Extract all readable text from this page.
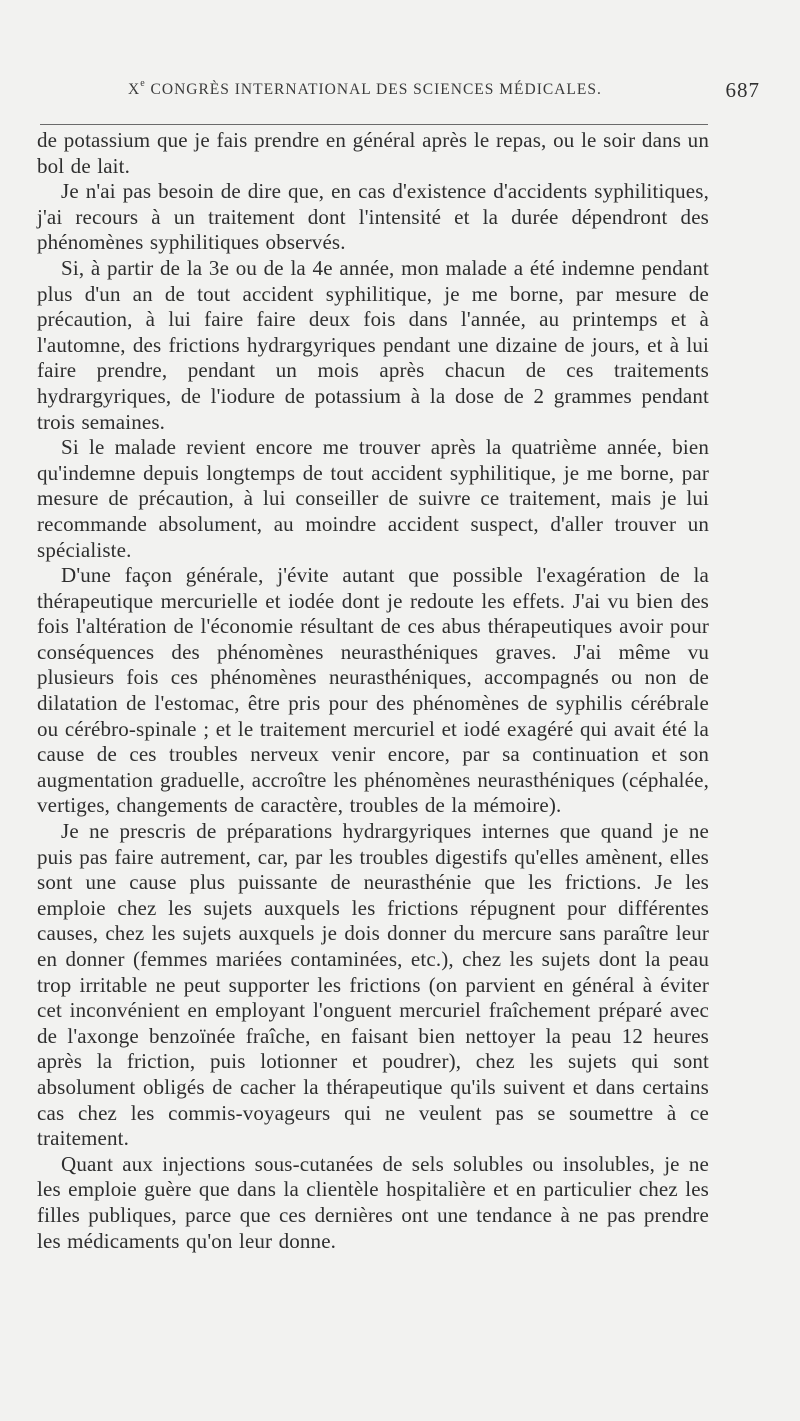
Xe CONGRÈS INTERNATIONAL DES SCIENCES MÉDICALES.	687

de potassium que je fais prendre en général après le repas, ou le soir dans un bol de lait.

Je n'ai pas besoin de dire que, en cas d'existence d'accidents syphilitiques, j'ai recours à un traitement dont l'intensité et la durée dépendront des phénomènes syphilitiques observés.

Si, à partir de la 3e ou de la 4e année, mon malade a été indemne pendant plus d'un an de tout accident syphilitique, je me borne, par mesure de précaution, à lui faire faire deux fois dans l'année, au printemps et à l'automne, des frictions hydrargyriques pendant une dizaine de jours, et à lui faire prendre, pendant un mois après chacun de ces traitements hydrargyriques, de l'iodure de potassium à la dose de 2 grammes pendant trois semaines.

Si le malade revient encore me trouver après la quatrième année, bien qu'indemne depuis longtemps de tout accident syphilitique, je me borne, par mesure de précaution, à lui conseiller de suivre ce traitement, mais je lui recommande absolument, au moindre accident suspect, d'aller trouver un spécialiste.

D'une façon générale, j'évite autant que possible l'exagération de la thérapeutique mercurielle et iodée dont je redoute les effets. J'ai vu bien des fois l'altération de l'économie résultant de ces abus thérapeutiques avoir pour conséquences des phénomènes neurasthéniques graves. J'ai même vu plusieurs fois ces phénomènes neurasthéniques, accompagnés ou non de dilatation de l'estomac, être pris pour des phénomènes de syphilis cérébrale ou cérébro-spinale ; et le traitement mercuriel et iodé exagéré qui avait été la cause de ces troubles nerveux venir encore, par sa continuation et son augmentation graduelle, accroître les phénomènes neurasthéniques (céphalée, vertiges, changements de caractère, troubles de la mémoire).

Je ne prescris de préparations hydrargyriques internes que quand je ne puis pas faire autrement, car, par les troubles digestifs qu'elles amènent, elles sont une cause plus puissante de neurasthénie que les frictions. Je les emploie chez les sujets auxquels les frictions répugnent pour différentes causes, chez les sujets auxquels je dois donner du mercure sans paraître leur en donner (femmes mariées contaminées, etc.), chez les sujets dont la peau trop irritable ne peut supporter les frictions (on parvient en général à éviter cet inconvénient en employant l'onguent mercuriel fraîchement préparé avec de l'axonge benzoïnée fraîche, en faisant bien nettoyer la peau 12 heures après la friction, puis lotionner et poudrer), chez les sujets qui sont absolument obligés de cacher la thérapeutique qu'ils suivent et dans certains cas chez les commis-voyageurs qui ne veulent pas se soumettre à ce traitement.

Quant aux injections sous-cutanées de sels solubles ou insolubles, je ne les emploie guère que dans la clientèle hospitalière et en particulier chez les filles publiques, parce que ces dernières ont une tendance à ne pas prendre les médicaments qu'on leur donne.
